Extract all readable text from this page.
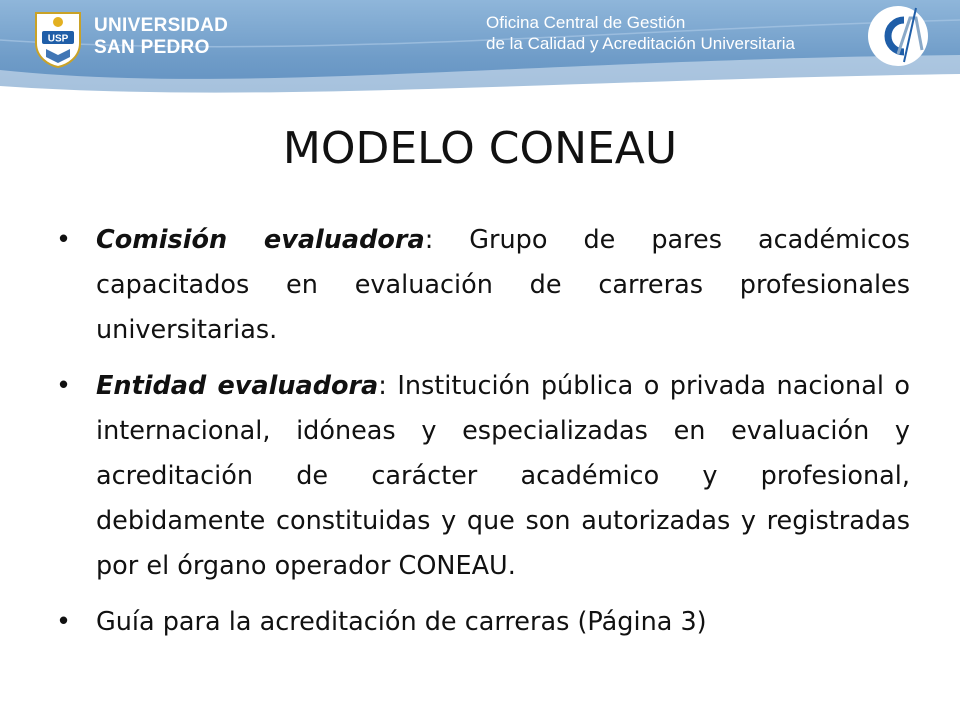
USP
UNIVERSIDAD
SAN PEDRO
Oficina Central de Gestión
de la Calidad y Acreditación Universitaria
MODELO CONEAU
• Comisión evaluadora: Grupo de pares académicos capacitados en evaluación de carreras profesionales universitarias.
• Entidad evaluadora: Institución pública o privada nacional o internacional, idóneas y especializadas en evaluación y acreditación de carácter académico y profesional, debidamente constituidas y que son autorizadas y registradas por el órgano operador CONEAU.
• Guía para la acreditación de carreras (Página 3)
